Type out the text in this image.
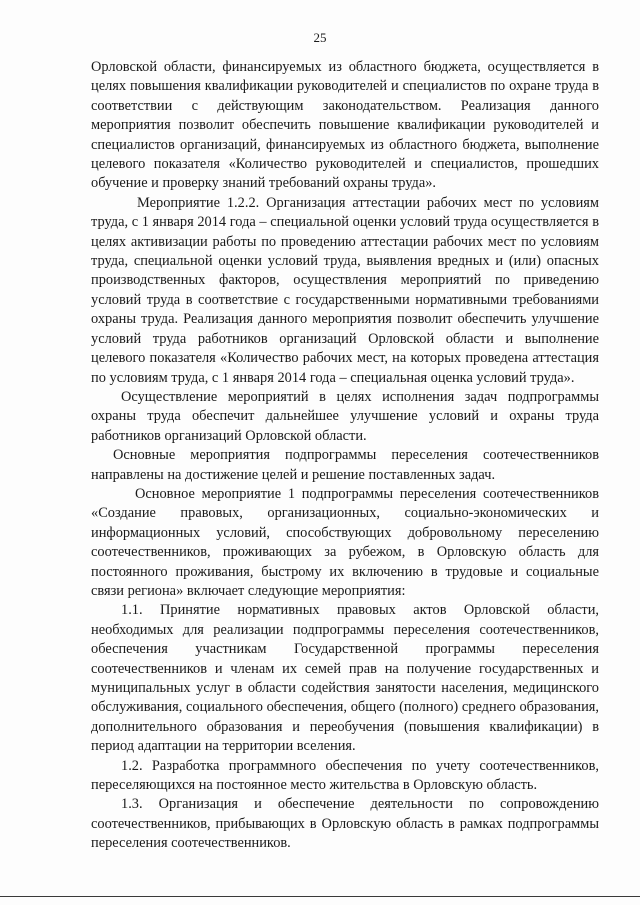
25

Орловской области, финансируемых из областного бюджета, осуществляется в целях повышения квалификации руководителей и специалистов по охране труда в соответствии с действующим законодательством. Реализация данного мероприятия позволит обеспечить повышение квалификации руководителей и специалистов организаций, финансируемых из областного бюджета, выполнение целевого показателя «Количество руководителей и специалистов, прошедших обучение и проверку знаний требований охраны труда».

Мероприятие 1.2.2. Организация аттестации рабочих мест по условиям труда, с 1 января 2014 года – специальной оценки условий труда осуществляется в целях активизации работы по проведению аттестации рабочих мест по условиям труда, специальной оценки условий труда, выявления вредных и (или) опасных производственных факторов, осуществления мероприятий по приведению условий труда в соответствие с государственными нормативными требованиями охраны труда. Реализация данного мероприятия позволит обеспечить улучшение условий труда работников организаций Орловской области и выполнение целевого показателя «Количество рабочих мест, на которых проведена аттестация по условиям труда, с 1 января 2014 года – специальная оценка условий труда».

Осуществление мероприятий в целях исполнения задач подпрограммы охраны труда обеспечит дальнейшее улучшение условий и охраны труда работников организаций Орловской области.

Основные мероприятия подпрограммы переселения соотечественников направлены на достижение целей и решение поставленных задач.

Основное мероприятие 1 подпрограммы переселения соотечественников «Создание правовых, организационных, социально-экономических и информационных условий, способствующих добровольному переселению соотечественников, проживающих за рубежом, в Орловскую область для постоянного проживания, быстрому их включению в трудовые и социальные связи региона» включает следующие мероприятия:

1.1. Принятие нормативных правовых актов Орловской области, необходимых для реализации подпрограммы переселения соотечественников, обеспечения участникам Государственной программы переселения соотечественников и членам их семей прав на получение государственных и муниципальных услуг в области содействия занятости населения, медицинского обслуживания, социального обеспечения, общего (полного) среднего образования, дополнительного образования и переобучения (повышения квалификации) в период адаптации на территории вселения.

1.2. Разработка программного обеспечения по учету соотечественников, переселяющихся на постоянное место жительства в Орловскую область.

1.3. Организация и обеспечение деятельности по сопровождению соотечественников, прибывающих в Орловскую область в рамках подпрограммы переселения соотечественников.
